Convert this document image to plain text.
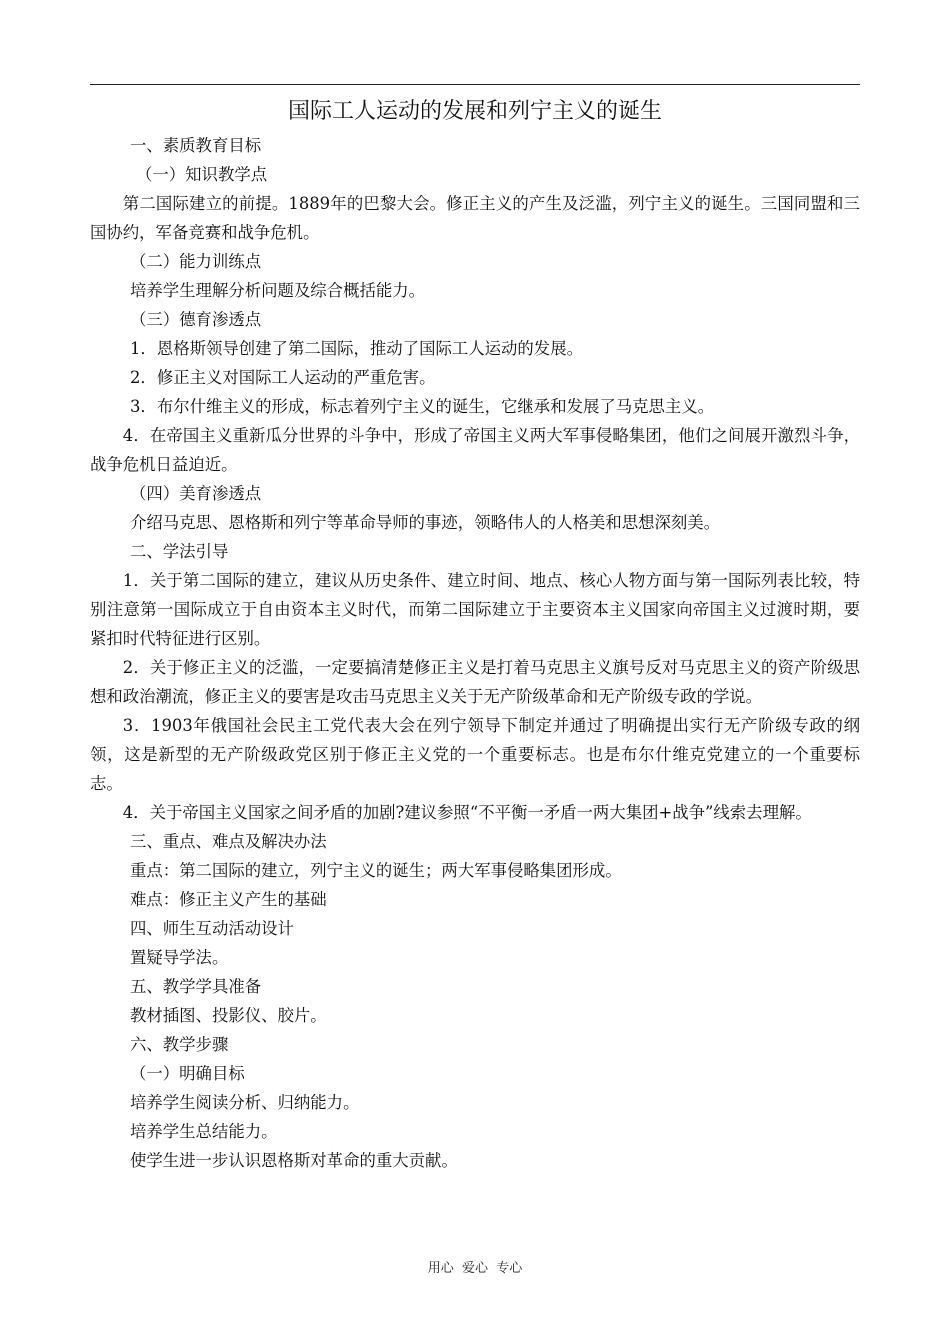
国际工人运动的发展和列宁主义的诞生

一、素质教育目标

（一）知识教学点

第二国际建立的前提。1889年的巴黎大会。修正主义的产生及泛滥，列宁主义的诞生。三国同盟和三国协约，军备竞赛和战争危机。

（二）能力训练点

培养学生理解分析问题及综合概括能力。

（三）德育渗透点

1．恩格斯领导创建了第二国际，推动了国际工人运动的发展。

2．修正主义对国际工人运动的严重危害。

3．布尔什维主义的形成，标志着列宁主义的诞生，它继承和发展了马克思主义。

4．在帝国主义重新瓜分世界的斗争中，形成了帝国主义两大军事侵略集团，他们之间展开激烈斗争，战争危机日益迫近。

（四）美育渗透点

介绍马克思、恩格斯和列宁等革命导师的事迹，领略伟人的人格美和思想深刻美。

二、学法引导

1．关于第二国际的建立，建议从历史条件、建立时间、地点、核心人物方面与第一国际列表比较，特别注意第一国际成立于自由资本主义时代，而第二国际建立于主要资本主义国家向帝国主义过渡时期，要紧扣时代特征进行区别。

2．关于修正主义的泛滥，一定要搞清楚修正主义是打着马克思主义旗号反对马克思主义的资产阶级思想和政治潮流，修正主义的要害是攻击马克思主义关于无产阶级革命和无产阶级专政的学说。

3．1903年俄国社会民主工党代表大会在列宁领导下制定并通过了明确提出实行无产阶级专政的纲领，这是新型的无产阶级政党区别于修正主义党的一个重要标志。也是布尔什维克党建立的一个重要标志。

4．关于帝国主义国家之间矛盾的加剧?建议参照“不平衡一矛盾一两大集团+战争”线索去理解。

三、重点、难点及解决办法

重点：第二国际的建立，列宁主义的诞生；两大军事侵略集团形成。

难点：修正主义产生的基础

四、师生互动活动设计

置疑导学法。

五、教学学具准备

教材插图、投影仪、胶片。

六、教学步骤

（一）明确目标

培养学生阅读分析、归纳能力。

培养学生总结能力。

使学生进一步认识恩格斯对革命的重大贡献。

用心  爱心  专心
